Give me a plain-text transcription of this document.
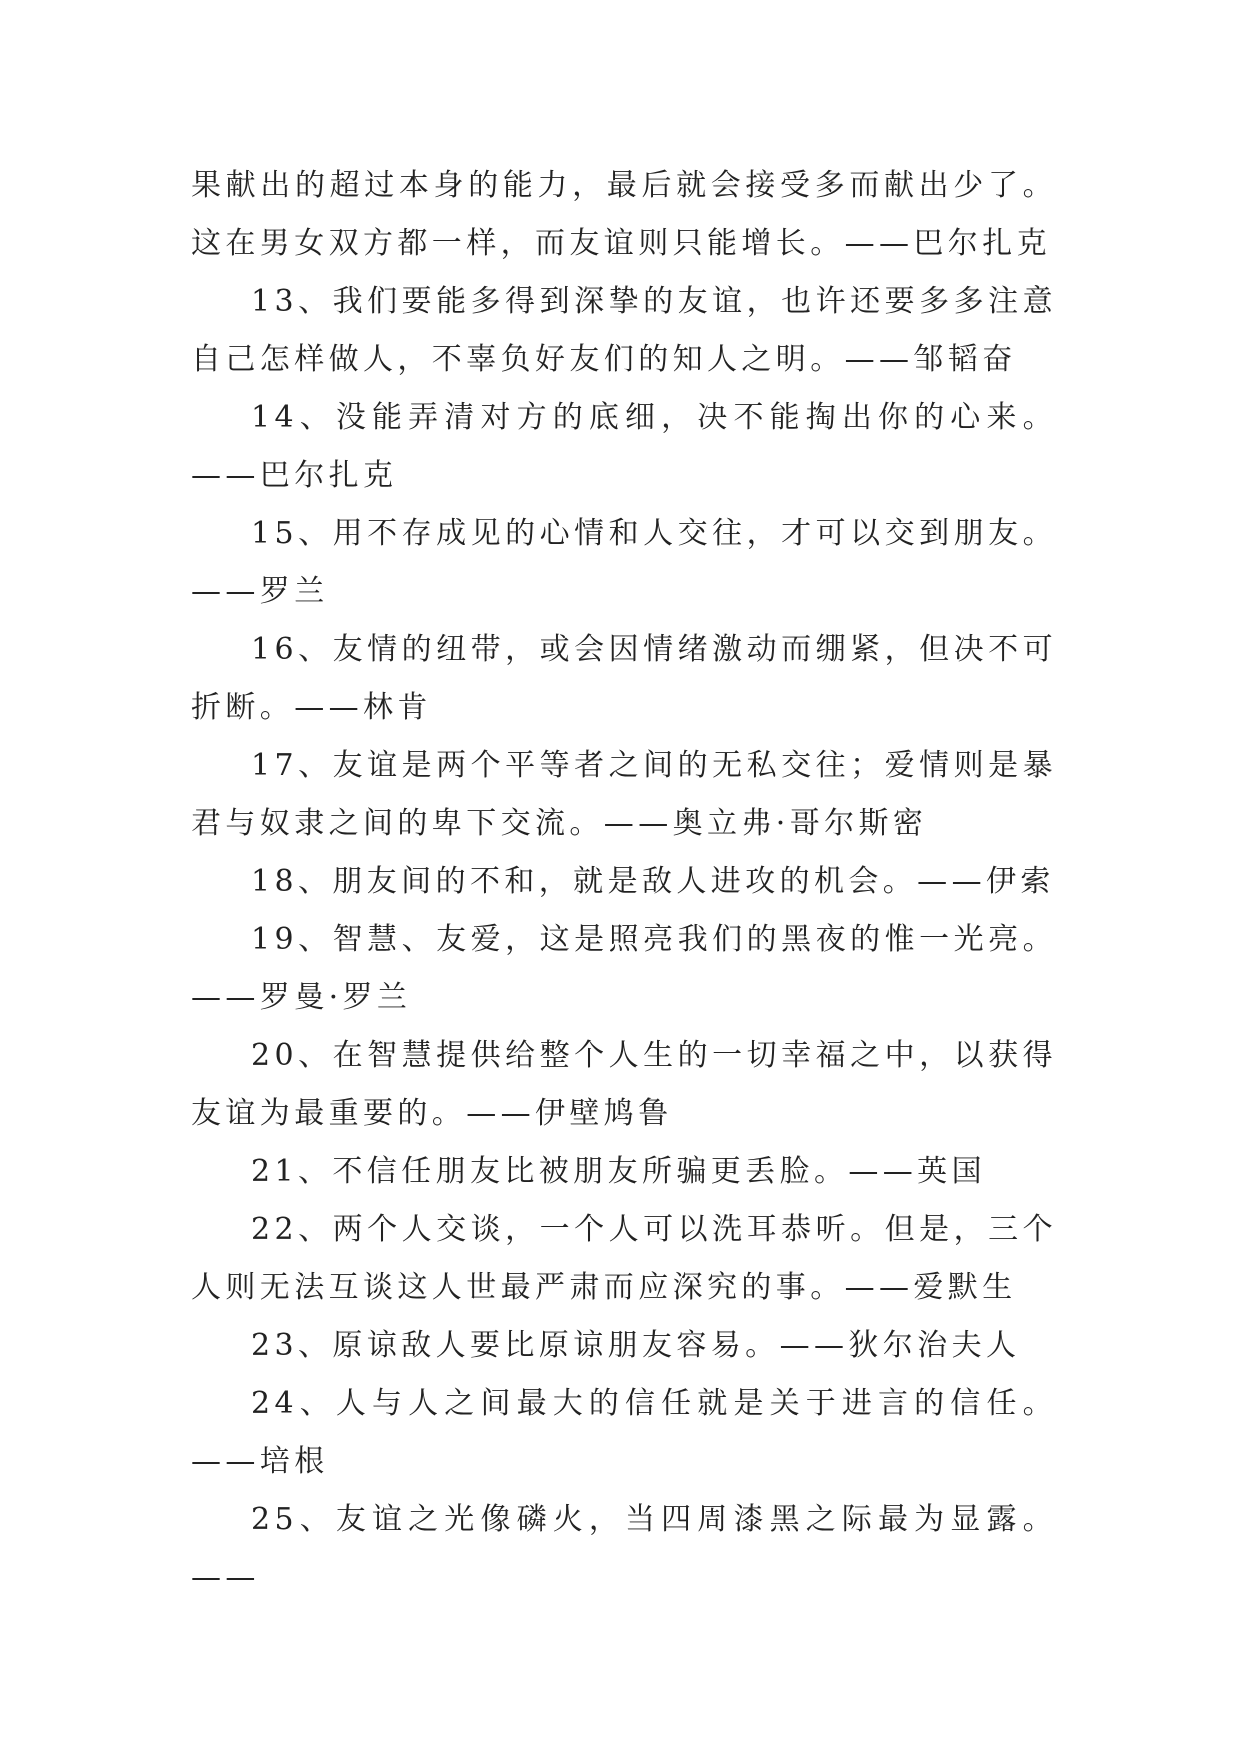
果献出的超过本身的能力，最后就会接受多而献出少了。这在男女双方都一样，而友谊则只能增长。——巴尔扎克

13、我们要能多得到深挚的友谊，也许还要多多注意自己怎样做人，不辜负好友们的知人之明。——邹韬奋

14、没能弄清对方的底细，决不能掏出你的心来。——巴尔扎克

15、用不存成见的心情和人交往，才可以交到朋友。——罗兰

16、友情的纽带，或会因情绪激动而绷紧，但决不可折断。——林肯

17、友谊是两个平等者之间的无私交往；爱情则是暴君与奴隶之间的卑下交流。——奥立弗·哥尔斯密

18、朋友间的不和，就是敌人进攻的机会。——伊索

19、智慧、友爱，这是照亮我们的黑夜的惟一光亮。——罗曼·罗兰

20、在智慧提供给整个人生的一切幸福之中，以获得友谊为最重要的。——伊壁鸠鲁

21、不信任朋友比被朋友所骗更丢脸。——英国

22、两个人交谈，一个人可以洗耳恭听。但是，三个人则无法互谈这人世最严肃而应深究的事。——爱默生

23、原谅敌人要比原谅朋友容易。——狄尔治夫人

24、人与人之间最大的信任就是关于进言的信任。——培根

25、友谊之光像磷火，当四周漆黑之际最为显露。——
